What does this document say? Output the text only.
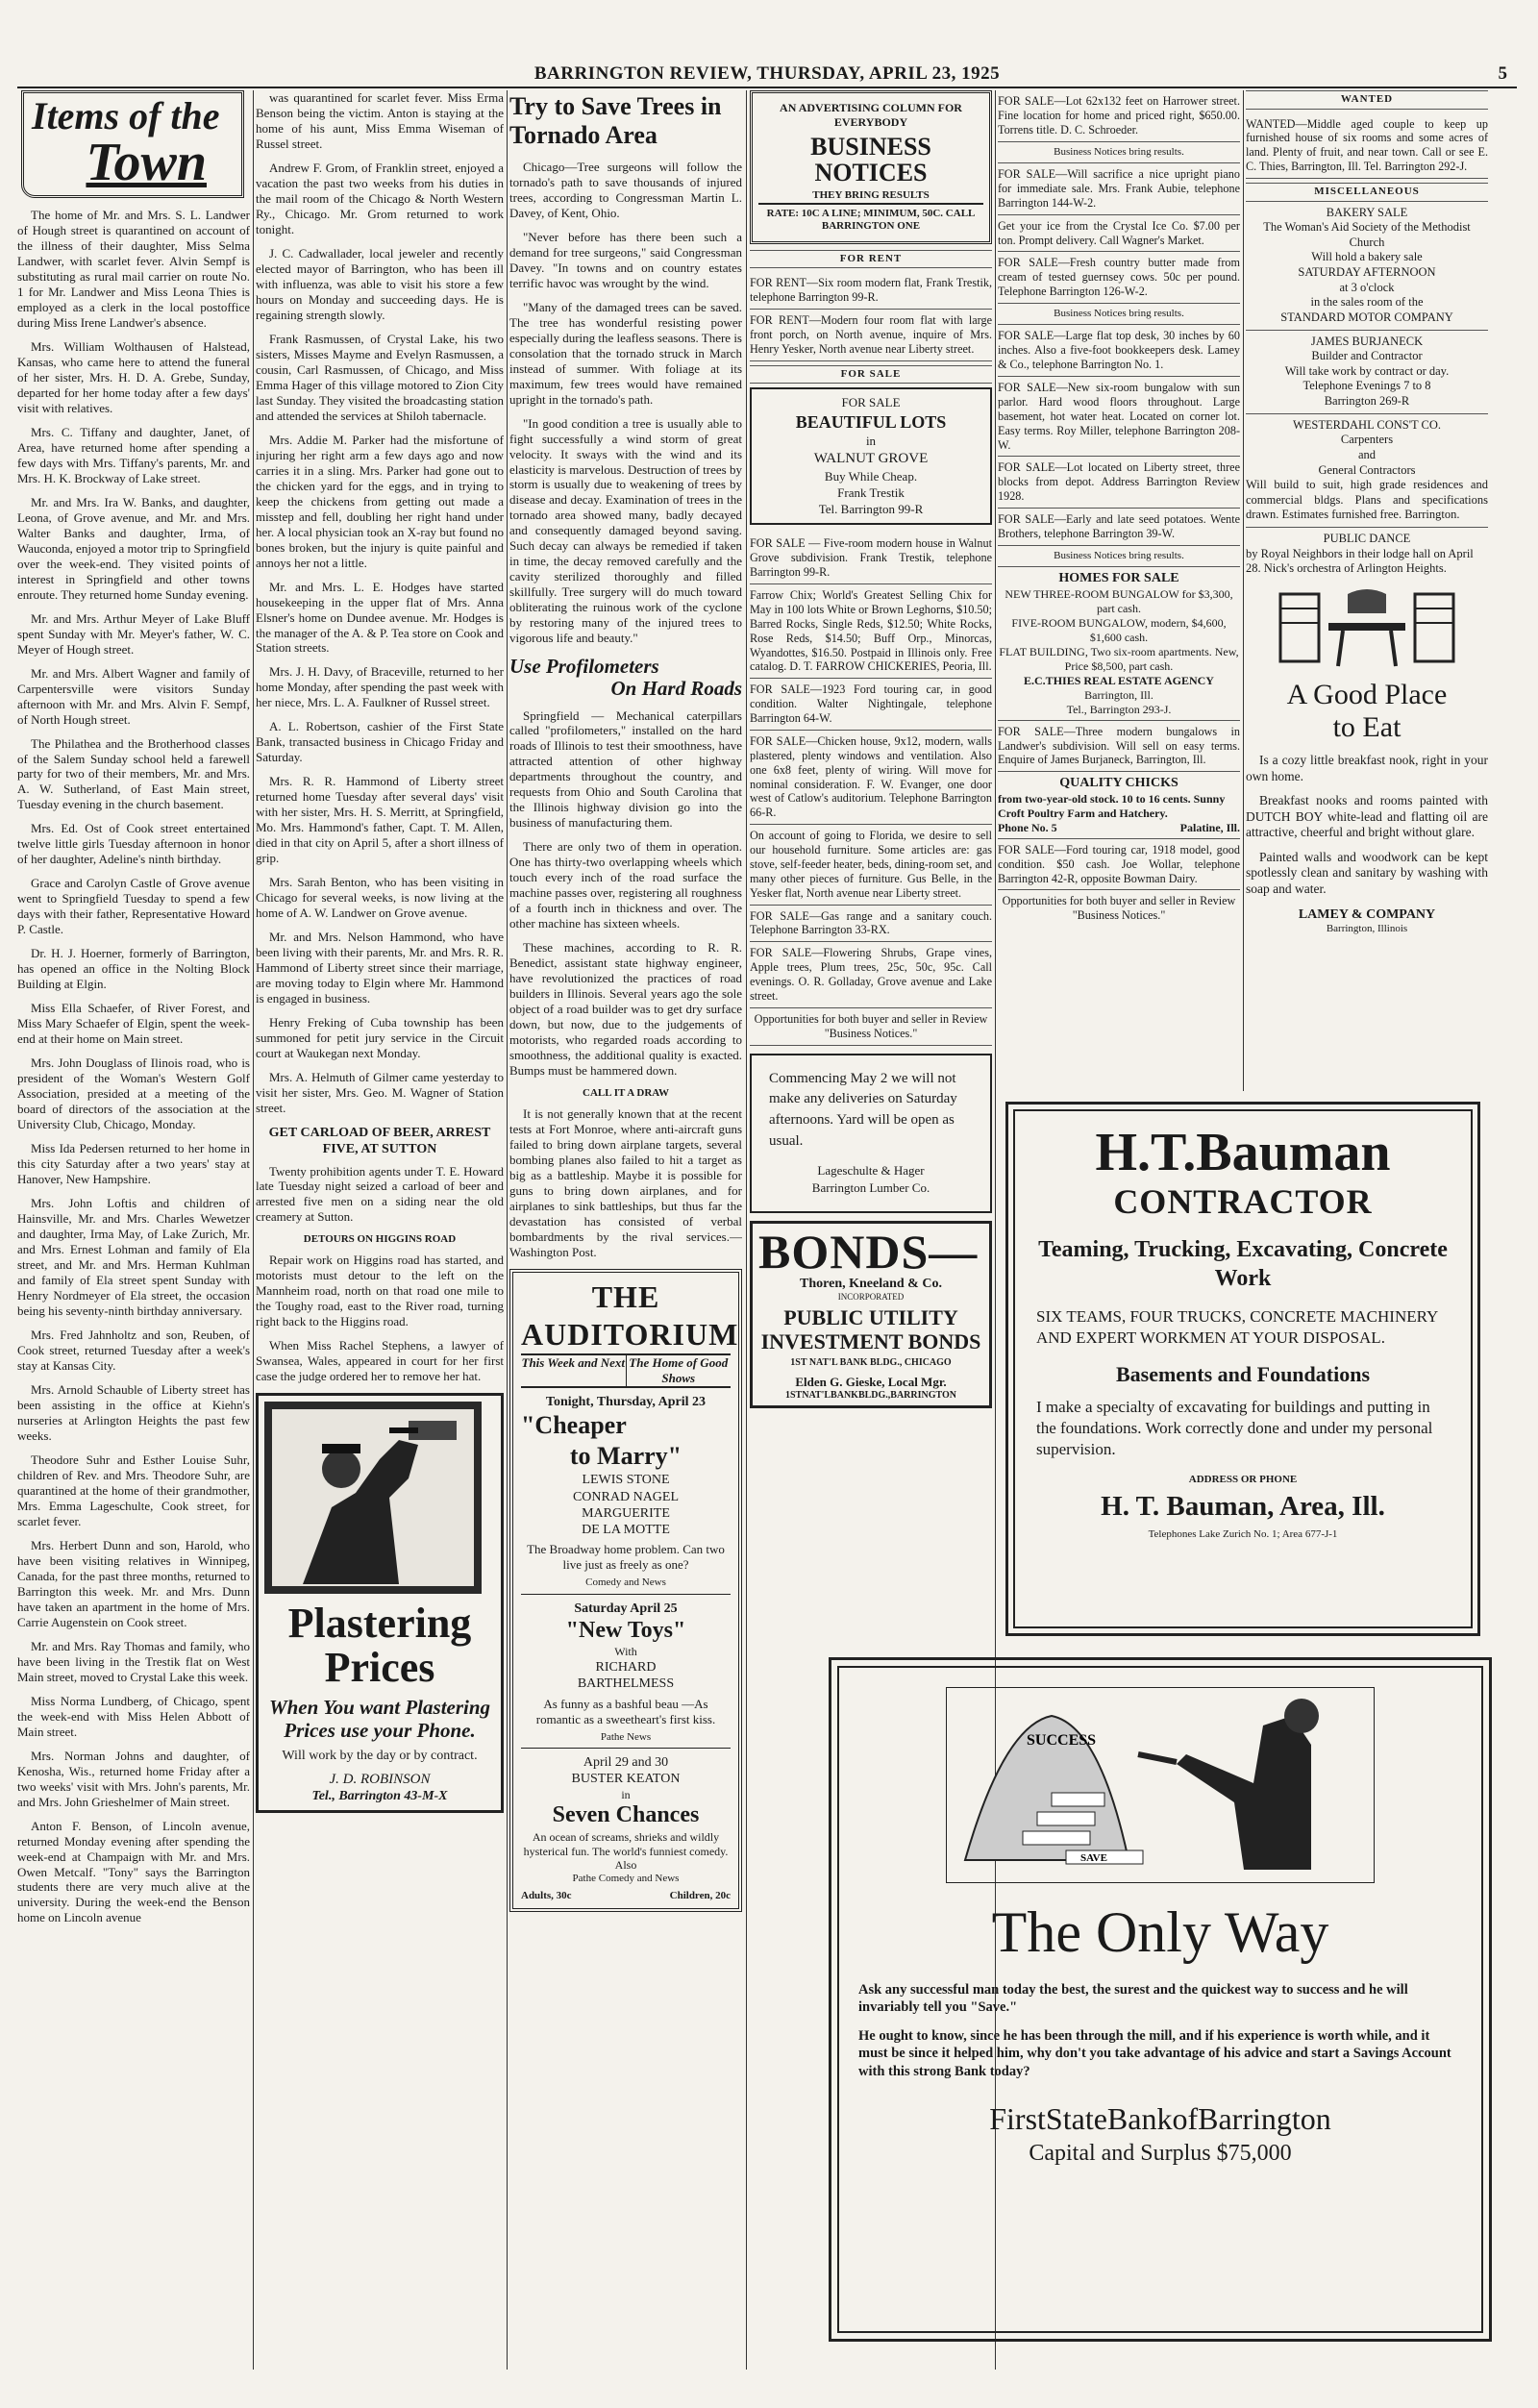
BARRINGTON REVIEW, THURSDAY, APRIL 23, 1925	5
Items of the
Town

The home of Mr. and Mrs. S. L. Landwer of Hough street is quarantined on account of the illness of their daughter, Miss Selma Landwer, with scarlet fever. Alvin Sempf is substituting as rural mail carrier on route No. 1 for Mr. Landwer and Miss Leona Thies is employed as a clerk in the local postoffice during Miss Irene Landwer's absence.

Mrs. William Wolthausen of Halstead, Kansas, who came here to attend the funeral of her sister, Mrs. H. D. A. Grebe, Sunday, departed for her home today after a few days' visit with relatives.

Mrs. C. Tiffany and daughter, Janet, of Area, have returned home after spending a few days with Mrs. Tiffany's parents, Mr. and Mrs. H. K. Brockway of Lake street.

Mr. and Mrs. Ira W. Banks, and daughter, Leona, of Grove avenue, and Mr. and Mrs. Walter Banks and daughter, Irma, of Wauconda, enjoyed a motor trip to Springfield over the week-end. They visited points of interest in Springfield and other towns enroute. They returned home Sunday evening.

Mr. and Mrs. Arthur Meyer of Lake Bluff spent Sunday with Mr. Meyer's father, W. C. Meyer of Hough street.

Mr. and Mrs. Albert Wagner and family of Carpentersville were visitors Sunday afternoon with Mr. and Mrs. Alvin F. Sempf, of North Hough street.

The Philathea and the Brotherhood classes of the Salem Sunday school held a farewell party for two of their members, Mr. and Mrs. A. W. Sutherland, of East Main street, Tuesday evening in the church basement.

Mrs. Ed. Ost of Cook street entertained twelve little girls Tuesday afternoon in honor of her daughter, Adeline's ninth birthday.

Grace and Carolyn Castle of Grove avenue went to Springfield Tuesday to spend a few days with their father, Representative Howard P. Castle.

Dr. H. J. Hoerner, formerly of Barrington, has opened an office in the Nolting Block Building at Elgin.

Miss Ella Schaefer, of River Forest, and Miss Mary Schaefer of Elgin, spent the week-end at their home on Main street.

Mrs. John Douglass of Ilinois road, who is president of the Woman's Western Golf Association, presided at a meeting of the board of directors of the association at the University Club, Chicago, Monday.

Miss Ida Pedersen returned to her home in this city Saturday after a two years' stay at Hanover, New Hampshire.

Mrs. John Loftis and children of Hainsville, Mr. and Mrs. Charles Wewetzer and daughter, Irma May, of Lake Zurich, Mr. and Mrs. Ernest Lohman and family of Ela street, and Mr. and Mrs. Herman Kuhlman and family of Ela street spent Sunday with Henry Nordmeyer of Ela street, the occasion being his seventy-ninth birthday anniversary.

Mrs. Fred Jahnholtz and son, Reuben, of Cook street, returned Tuesday after a week's stay at Kansas City.

Mrs. Arnold Schauble of Liberty street has been assisting in the office at Kiehn's nurseries at Arlington Heights the past few weeks.

Theodore Suhr and Esther Louise Suhr, children of Rev. and Mrs. Theodore Suhr, are quarantined at the home of their grandmother, Mrs. Emma Lageschulte, Cook street, for scarlet fever.

Mrs. Herbert Dunn and son, Harold, who have been visiting relatives in Winnipeg, Canada, for the past three months, returned to Barrington this week. Mr. and Mrs. Dunn have taken an apartment in the home of Mrs. Carrie Augenstein on Cook street.

Mr. and Mrs. Ray Thomas and family, who have been living in the Trestik flat on West Main street, moved to Crystal Lake this week.

Miss Norma Lundberg, of Chicago, spent the week-end with Miss Helen Abbott of Main street.

Mrs. Norman Johns and daughter, of Kenosha, Wis., returned home Friday after a two weeks' visit with Mrs. John's parents, Mr. and Mrs. John Grieshelmer of Main street.

Anton F. Benson, of Lincoln avenue, returned Monday evening after spending the week-end at Champaign with Mr. and Mrs. Owen Metcalf. "Tony" says the Barrington students there are very much alive at the university. During the week-end the Benson home on Lincoln avenue

was quarantined for scarlet fever. Miss Erma Benson being the victim. Anton is staying at the home of his aunt, Miss Emma Wiseman of Russel street.

Andrew F. Grom, of Franklin street, enjoyed a vacation the past two weeks from his duties in the mail room of the Chicago & North Western Ry., Chicago. Mr. Grom returned to work tonight.

J. C. Cadwallader, local jeweler and recently elected mayor of Barrington, who has been ill with influenza, was able to visit his store a few hours on Monday and succeeding days. He is regaining strength slowly.

Frank Rasmussen, of Crystal Lake, his two sisters, Misses Mayme and Evelyn Rasmussen, a cousin, Carl Rasmussen, of Chicago, and Miss Emma Hager of this village motored to Zion City last Sunday. They visited the broadcasting station and attended the services at Shiloh tabernacle.

Mrs. Addie M. Parker had the misfortune of injuring her right arm a few days ago and now carries it in a sling. Mrs. Parker had gone out to the chicken yard for the eggs, and in trying to keep the chickens from getting out made a misstep and fell, doubling her right hand under her. A local physician took an X-ray but found no bones broken, but the injury is quite painful and annoys her not a little.

Mr. and Mrs. L. E. Hodges have started housekeeping in the upper flat of Mrs. Anna Elsner's home on Dundee avenue. Mr. Hodges is the manager of the A. & P. Tea store on Cook and Station streets.

Mrs. J. H. Davy, of Braceville, returned to her home Monday, after spending the past week with her niece, Mrs. L. A. Faulkner of Russel street.

A. L. Robertson, cashier of the First State Bank, transacted business in Chicago Friday and Saturday.

Mrs. R. R. Hammond of Liberty street returned home Tuesday after several days' visit with her sister, Mrs. H. S. Merritt, at Springfield, Mo. Mrs. Hammond's father, Capt. T. M. Allen, died in that city on April 5, after a short illness of grip.

Mrs. Sarah Benton, who has been visiting in Chicago for several weeks, is now living at the home of A. W. Landwer on Grove avenue.

Mr. and Mrs. Nelson Hammond, who have been living with their parents, Mr. and Mrs. R. R. Hammond of Liberty street since their marriage, are moving today to Elgin where Mr. Hammond is engaged in business.

Henry Freking of Cuba township has been summoned for petit jury service in the Circuit court at Waukegan next Monday.

Mrs. A. Helmuth of Gilmer came yesterday to visit her sister, Mrs. Geo. M. Wagner of Station street.

GET CARLOAD OF BEER, ARREST FIVE, AT SUTTON

Twenty prohibition agents under T. E. Howard late Tuesday night seized a carload of beer and arrested five men on a siding near the old creamery at Sutton.

DETOURS ON HIGGINS ROAD

Repair work on Higgins road has started, and motorists must detour to the left on the Mannheim road, north on that road one mile to the Toughy road, east to the River road, turning right back to the Higgins road.

When Miss Rachel Stephens, a lawyer of Swansea, Wales, appeared in court for her first case the judge ordered her to remove her hat.

Plastering
Prices
When You want Plastering Prices use your Phone.
Will work by the day or by contract.
J. D. ROBINSON
Tel., Barrington 43-M-X
Try to Save Trees in Tornado Area

Chicago—Tree surgeons will follow the tornado's path to save thousands of injured trees, according to Congressman Martin L. Davey, of Kent, Ohio.

"Never before has there been such a demand for tree surgeons," said Congressman Davey. "In towns and on country estates terrific havoc was wrought by the wind.

"Many of the damaged trees can be saved. The tree has wonderful resisting power especially during the leafless seasons. There is consolation that the tornado struck in March instead of summer. With foliage at its maximum, few trees would have remained upright in the tornado's path.

"In good condition a tree is usually able to fight successfully a wind storm of great velocity. It sways with the wind and its elasticity is marvelous. Destruction of trees by storm is usually due to weakening of trees by disease and decay. Examination of trees in the tornado area showed many, badly decayed and consequently damaged beyond saving. Such decay can always be remedied if taken in time, the decay removed carefully and the cavity sterilized thoroughly and filled skillfully. Tree surgery will do much toward obliterating the ruinous work of the cyclone by restoring many of the injured trees to vigorous life and beauty."

Use Profilometers
On Hard Roads

Springfield — Mechanical caterpillars called "profilometers," installed on the hard roads of Illinois to test their smoothness, have attracted attention of other highway departments throughout the country, and requests from Ohio and South Carolina that the Illinois highway division go into the business of manufacturing them.

There are only two of them in operation. One has thirty-two overlapping wheels which touch every inch of the road surface the machine passes over, registering all roughness of a fourth inch in thickness and over. The other machine has sixteen wheels.

These machines, according to R. R. Benedict, assistant state highway engineer, have revolutionized the practices of road builders in Illinois. Several years ago the sole object of a road builder was to get dry surface down, but now, due to the judgements of motorists, who regarded roads according to smoothness, the additional quality is exacted. Bumps must be hammered down.

CALL IT A DRAW

It is not generally known that at the recent tests at Fort Monroe, where anti-aircraft guns failed to bring down airplane targets, several bombing planes also failed to hit a target as big as a battleship. Maybe it is possible for guns to bring down airplanes, and for airplanes to sink battleships, but thus far the devastation has consisted of verbal bombardments by the rival services.—Washington Post.

THE AUDITORIUM
This Week and Next The Home of Good Shows
Tonight, Thursday, April 23
"Cheaper
to Marry"
LEWIS STONE
CONRAD NAGEL
MARGUERITE
DE LA MOTTE
The Broadway home problem. Can two live just as freely as one?
Comedy and News
Saturday April 25
"New Toys"
With
RICHARD
BARTHELMESS
As funny as a bashful beau —As romantic as a sweetheart's first kiss.
Pathe News
April 29 and 30
BUSTER KEATON
in
Seven Chances
An ocean of screams, shrieks and wildly hysterical fun. The world's funniest comedy. Also
Pathe Comedy and News
Adults, 30c	Children, 20c
AN ADVERTISING COLUMN FOR EVERYBODY
BUSINESS NOTICES
THEY BRING RESULTS
RATE: 10C A LINE; MINIMUM, 50C. CALL BARRINGTON ONE
FOR RENT
FOR RENT—Six room modern flat, Frank Trestik, telephone Barrington 99-R.
FOR RENT—Modern four room flat with large front porch, on North avenue, inquire of Mrs. Henry Yesker, North avenue near Liberty street.
FOR SALE
FOR SALE
BEAUTIFUL LOTS
in
WALNUT GROVE
Buy While Cheap.
Frank Trestik
Tel. Barrington 99-R
FOR SALE — Five-room modern house in Walnut Grove subdivision. Frank Trestik, telephone Barrington 99-R.
Farrow Chix; World's Greatest Selling Chix for May in 100 lots White or Brown Leghorns, $10.50; Barred Rocks, Single Reds, $12.50; White Rocks, Rose Reds, $14.50; Buff Orp., Minorcas, Wyandottes, $16.50. Postpaid in Illinois only. Free catalog. D. T. FARROW CHICKERIES, Peoria, Ill.
FOR SALE—1923 Ford touring car, in good condition. Walter Nightingale, telephone Barrington 64-W.
FOR SALE—Chicken house, 9x12, modern, walls plastered, plenty windows and ventilation. Also one 6x8 feet, plenty of wiring. Will move for nominal consideration. F. W. Evanger, one door west of Catlow's auditorium. Telephone Barrington 66-R.
On account of going to Florida, we desire to sell our household furniture. Some articles are: gas stove, self-feeder heater, beds, dining-room set, and many other pieces of furniture. Gus Belle, in the Yesker flat, North avenue near Liberty street.
FOR SALE—Gas range and a sanitary couch. Telephone Barrington 33-RX.
FOR SALE—Flowering Shrubs, Grape vines, Apple trees, Plum trees, 25c, 50c, 95c. Call evenings. O. R. Golladay, Grove avenue and Lake street.
Opportunities for both buyer and seller in Review "Business Notices."
Commencing May 2 we will not make any deliveries on Saturday afternoons. Yard will be open as usual.
Lageschulte & Hager
Barrington Lumber Co.
BONDS—
Thoren, Kneeland & Co.
INCORPORATED
PUBLIC UTILITY
INVESTMENT BONDS
1ST NAT'L BANK BLDG., CHICAGO
Elden G. Gieske, Local Mgr.
1STNAT'LBANKBLDG.,BARRINGTON
FOR SALE—Lot 62x132 feet on Harrower street. Fine location for home and priced right, $650.00. Torrens title. D. C. Schroeder.
Business Notices bring results.
FOR SALE—Will sacrifice a nice upright piano for immediate sale. Mrs. Frank Aubie, telephone Barrington 144-W-2.
Get your ice from the Crystal Ice Co. $7.00 per ton. Prompt delivery. Call Wagner's Market.
FOR SALE—Fresh country butter made from cream of tested guernsey cows. 50c per pound. Telephone Barrington 126-W-2.
Business Notices bring results.
FOR SALE—Large flat top desk, 30 inches by 60 inches. Also a five-foot bookkeepers desk. Lamey & Co., telephone Barrington No. 1.
FOR SALE—New six-room bungalow with sun parlor. Hard wood floors throughout. Large basement, hot water heat. Located on corner lot. Easy terms. Roy Miller, telephone Barrington 208-W.
FOR SALE—Lot located on Liberty street, three blocks from depot. Address Barrington Review 1928.
FOR SALE—Early and late seed potatoes. Wente Brothers, telephone Barrington 39-W.
Business Notices bring results.
HOMES FOR SALE
NEW THREE-ROOM BUNGALOW for $3,300, part cash.
FIVE-ROOM BUNGALOW, modern, $4,600, $1,600 cash.
FLAT BUILDING, Two six-room apartments. New, Price $8,500, part cash.
E.C.THIES REAL ESTATE AGENCY
Barrington, Ill.
Tel., Barrington 293-J.
FOR SALE—Three modern bungalows in Landwer's subdivision. Will sell on easy terms. Enquire of James Burjaneck, Barrington, Ill.
QUALITY CHICKS
from two-year-old stock. 10 to 16 cents. Sunny Croft Poultry Farm and Hatchery.
Phone No. 5	Palatine, Ill.
FOR SALE—Ford touring car, 1918 model, good condition. $50 cash. Joe Wollar, telephone Barrington 42-R, opposite Bowman Dairy.
Opportunities for both buyer and seller in Review "Business Notices."
WANTED
WANTED—Middle aged couple to keep up furnished house of six rooms and some acres of land. Plenty of fruit, and near town. Call or see E. C. Thies, Barrington, Ill. Tel. Barrington 292-J.
MISCELLANEOUS
BAKERY SALE
The Woman's Aid Society of the Methodist Church
Will hold a bakery sale
SATURDAY AFTERNOON
at 3 o'clock
in the sales room of the
STANDARD MOTOR COMPANY
JAMES BURJANECK
Builder and Contractor
Will take work by contract or day.
Telephone Evenings 7 to 8
Barrington 269-R
WESTERDAHL CONS'T CO.
Carpenters
and
General Contractors
Will build to suit, high grade residences and commercial bldgs. Plans and specifications drawn. Estimates furnished free. Barrington.
PUBLIC DANCE
by Royal Neighbors in their lodge hall on April 28. Nick's orchestra of Arlington Heights.
A Good Place
to Eat

Is a cozy little breakfast nook, right in your own home.

Breakfast nooks and rooms painted with DUTCH BOY white-lead and flatting oil are attractive, cheerful and bright without glare.

Painted walls and woodwork can be kept spotlessly clean and sanitary by washing with soap and water.

LAMEY & COMPANY
Barrington, Illinois
H.T.Bauman
CONTRACTOR
Teaming, Trucking, Excavating, Concrete Work
SIX TEAMS, FOUR TRUCKS, CONCRETE MACHINERY AND EXPERT WORKMEN AT YOUR DISPOSAL.
Basements and Foundations
I make a specialty of excavating for buildings and putting in the foundations. Work correctly done and under my personal supervision.
ADDRESS OR PHONE
H. T. Bauman, Area, Ill.
Telephones Lake Zurich No. 1; Area 677-J-1
SUCCESS
SAVE
The Only Way
Ask any successful man today the best, the surest and the quickest way to success and he will invariably tell you "Save."
He ought to know, since he has been through the mill, and if his experience is worth while, and it must be since it helped him, why don't you take advantage of his advice and start a Savings Account with this strong Bank today?
FirstStateBankofBarrington
Capital and Surplus $75,000
